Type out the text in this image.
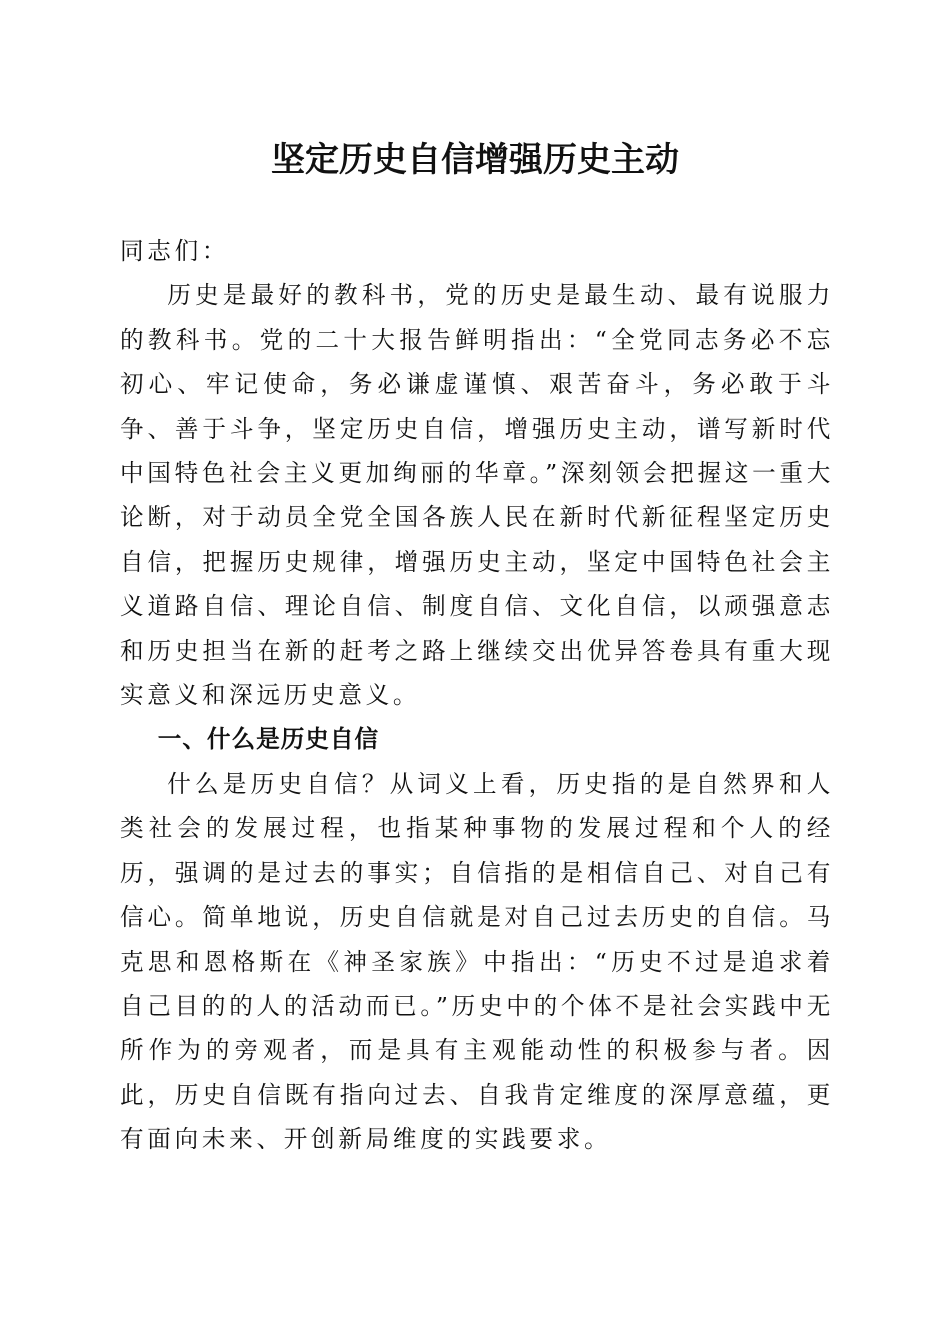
坚定历史自信增强历史主动

同志们：

历史是最好的教科书，党的历史是最生动、最有说服力的教科书。党的二十大报告鲜明指出：“全党同志务必不忘初心、牢记使命，务必谦虚谨慎、艰苦奋斗，务必敢于斗争、善于斗争，坚定历史自信，增强历史主动，谱写新时代中国特色社会主义更加绚丽的华章。”深刻领会把握这一重大论断，对于动员全党全国各族人民在新时代新征程坚定历史自信，把握历史规律，增强历史主动，坚定中国特色社会主义道路自信、理论自信、制度自信、文化自信，以顽强意志和历史担当在新的赶考之路上继续交出优异答卷具有重大现实意义和深远历史意义。

一、什么是历史自信

什么是历史自信？从词义上看，历史指的是自然界和人类社会的发展过程，也指某种事物的发展过程和个人的经历，强调的是过去的事实；自信指的是相信自己、对自己有信心。简单地说，历史自信就是对自己过去历史的自信。马克思和恩格斯在《神圣家族》中指出：“历史不过是追求着自己目的的人的活动而已。”历史中的个体不是社会实践中无所作为的旁观者，而是具有主观能动性的积极参与者。因此，历史自信既有指向过去、自我肯定维度的深厚意蕴，更有面向未来、开创新局维度的实践要求。
